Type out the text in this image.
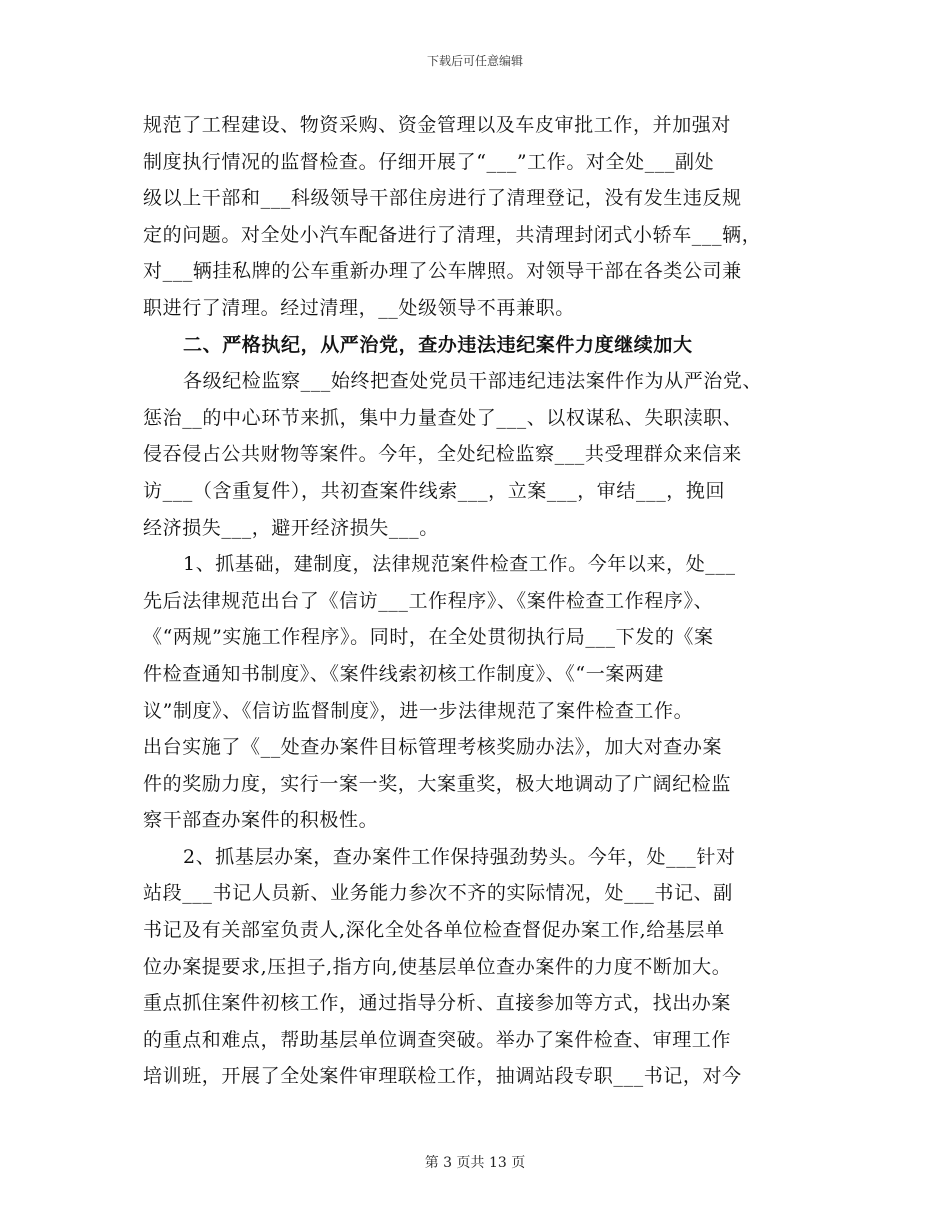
下载后可任意编辑
规范了工程建设、物资采购、资金管理以及车皮审批工作，并加强对
制度执行情况的监督检查。仔细开展了“___”工作。对全处___副处
级以上干部和___科级领导干部住房进行了清理登记，没有发生违反规
定的问题。对全处小汽车配备进行了清理，共清理封闭式小轿车___辆，
对___辆挂私牌的公车重新办理了公车牌照。对领导干部在各类公司兼
职进行了清理。经过清理，__处级领导不再兼职。
二、严格执纪，从严治党，查办违法违纪案件力度继续加大
各级纪检监察___始终把查处党员干部违纪违法案件作为从严治党、
惩治__的中心环节来抓，集中力量查处了___、以权谋私、失职渎职、
侵吞侵占公共财物等案件。今年，全处纪检监察___共受理群众来信来
访___（含重复件），共初查案件线索___，立案___，审结___，挽回
经济损失___，避开经济损失___。
1、抓基础，建制度，法律规范案件检查工作。今年以来，处___
先后法律规范出台了《信访___工作程序》、《案件检查工作程序》、
《“两规”实施工作程序》。同时，在全处贯彻执行局___下发的《案
件检查通知书制度》、《案件线索初核工作制度》、《“一案两建
议”制度》、《信访监督制度》，进一步法律规范了案件检查工作。
出台实施了《__处查办案件目标管理考核奖励办法》，加大对查办案
件的奖励力度，实行一案一奖，大案重奖，极大地调动了广阔纪检监
察干部查办案件的积极性。
2、抓基层办案，查办案件工作保持强劲势头。今年，处___针对
站段___书记人员新、业务能力参次不齐的实际情况，处___书记、副
书记及有关部室负责人,深化全处各单位检查督促办案工作,给基层单
位办案提要求,压担子,指方向,使基层单位查办案件的力度不断加大。
重点抓住案件初核工作，通过指导分析、直接参加等方式，找出办案
的重点和难点，帮助基层单位调查突破。举办了案件检查、审理工作
培训班，开展了全处案件审理联检工作，抽调站段专职___书记，对今
第 3 页共 13 页
